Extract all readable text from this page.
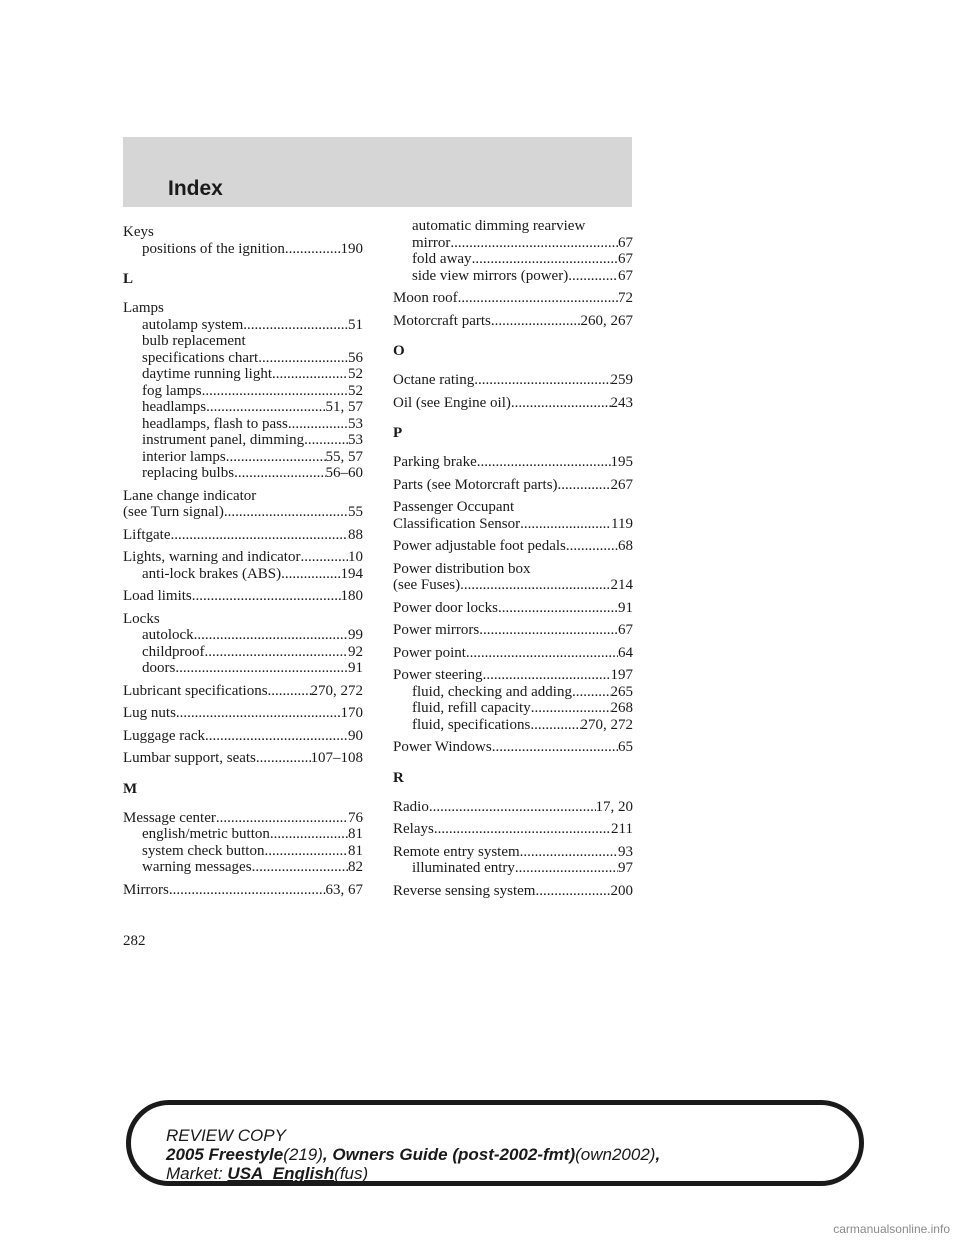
Index
Keys
positions of the ignition .....	190
L
Lamps
autolamp system .....	51
bulb replacement
specifications chart .....	56
daytime running light .....	52
fog lamps .....	52
headlamps .....	51, 57
headlamps, flash to pass .....	53
instrument panel, dimming .....	53
interior lamps .....	55, 57
replacing bulbs .....	56–60
Lane change indicator
(see Turn signal) .....	55
Liftgate .....	88
Lights, warning and indicator .....	10
anti-lock brakes (ABS) .....	194
Load limits .....	180
Locks
autolock .....	99
childproof .....	92
doors .....	91
Lubricant specifications .....	270, 272
Lug nuts .....	170
Luggage rack .....	90
Lumbar support, seats .....	107–108
M
Message center .....	76
english/metric button .....	81
system check button .....	81
warning messages .....	82
Mirrors .....	63, 67
automatic dimming rearview
mirror .....	67
fold away .....	67
side view mirrors (power) .....	67
Moon roof .....	72
Motorcraft parts .....	260, 267
O
Octane rating .....	259
Oil (see Engine oil) .....	243
P
Parking brake .....	195
Parts (see Motorcraft parts) .....	267
Passenger Occupant
Classification Sensor .....	119
Power adjustable foot pedals .....	68
Power distribution box
(see Fuses) .....	214
Power door locks .....	91
Power mirrors .....	67
Power point .....	64
Power steering .....	197
fluid, checking and adding .....	265
fluid, refill capacity .....	268
fluid, specifications .....	270, 272
Power Windows .....	65
R
Radio .....	17, 20
Relays .....	211
Remote entry system .....	93
illuminated entry .....	97
Reverse sensing system .....	200
282
REVIEW COPY
2005 Freestyle(219), Owners Guide (post-2002-fmt)(own2002),
Market: USA_English(fus)
carmanualsonline.info
